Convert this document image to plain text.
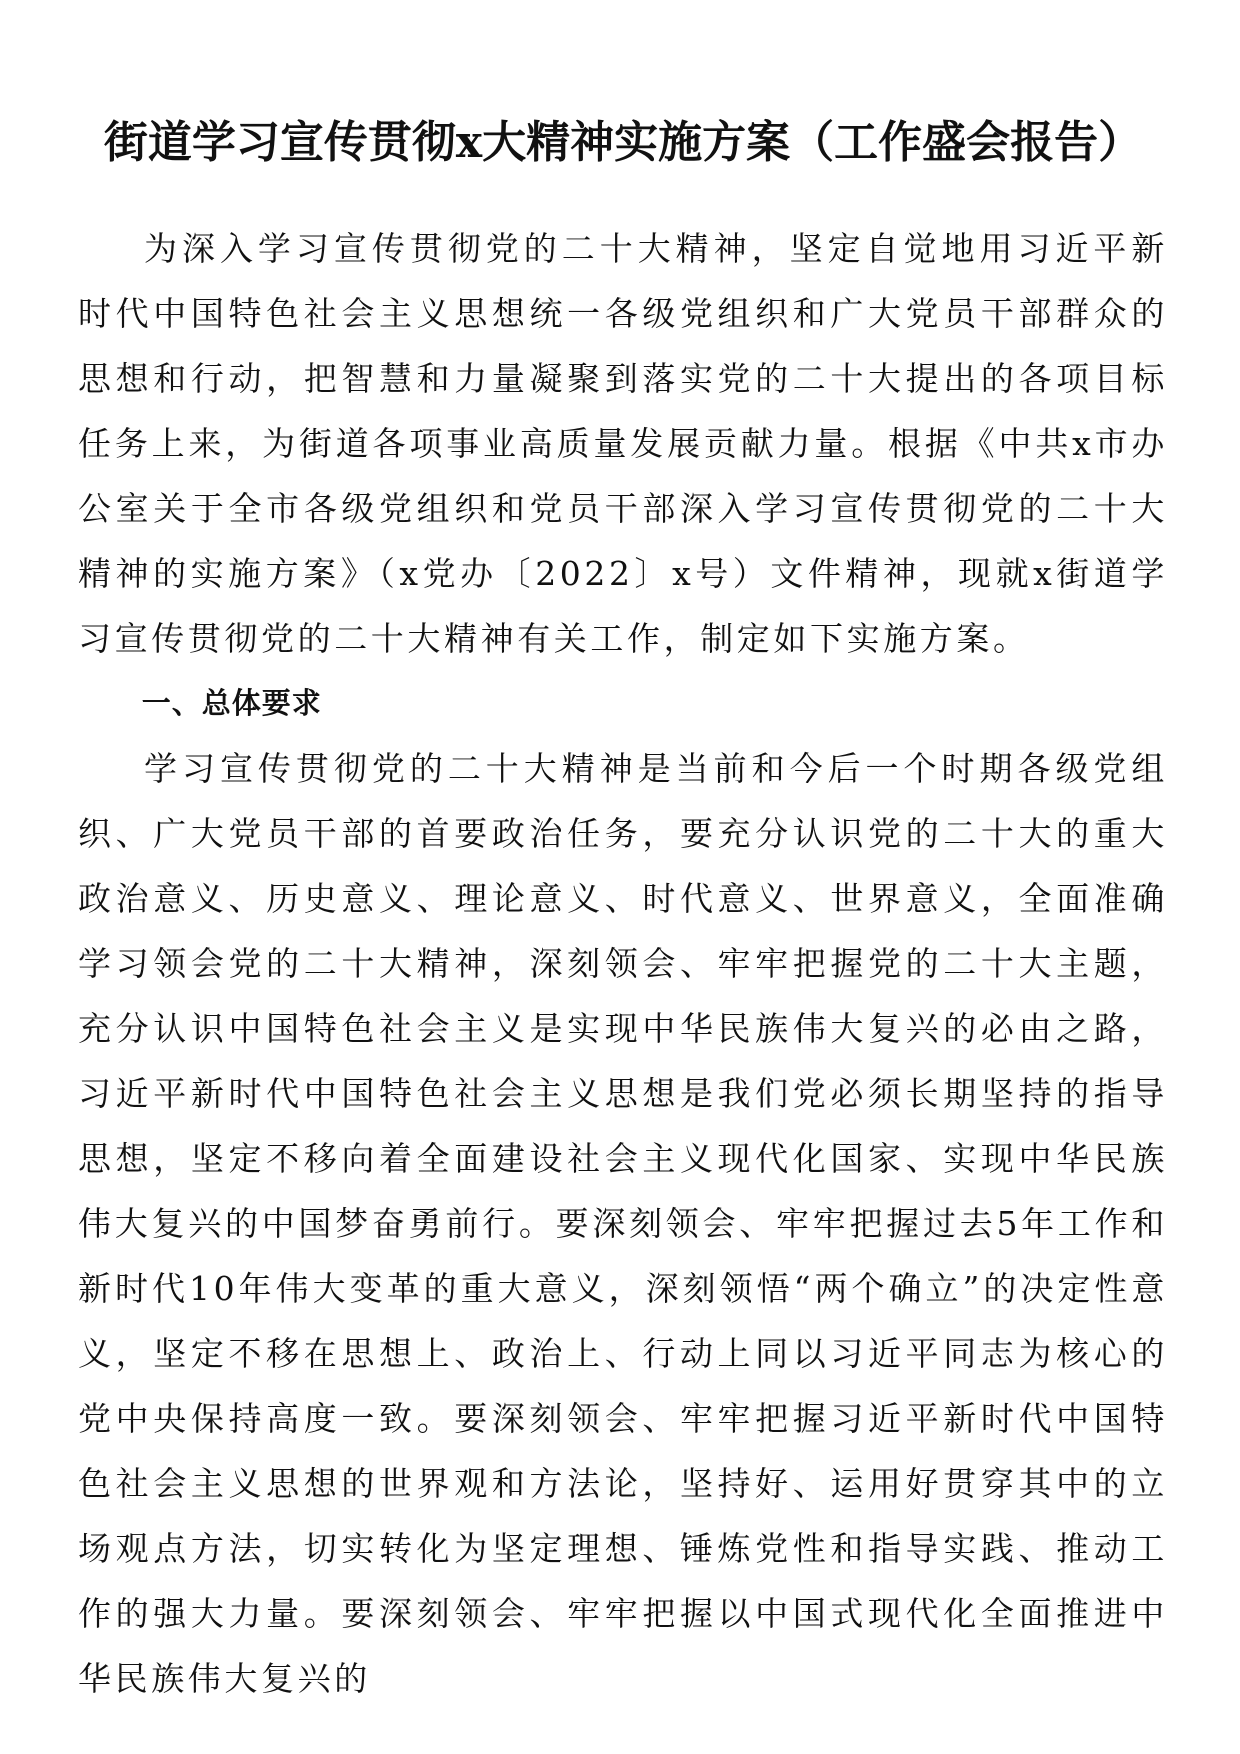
街道学习宣传贯彻x大精神实施方案（工作盛会报告）

为深入学习宣传贯彻党的二十大精神，坚定自觉地用习近平新时代中国特色社会主义思想统一各级党组织和广大党员干部群众的思想和行动，把智慧和力量凝聚到落实党的二十大提出的各项目标任务上来，为街道各项事业高质量发展贡献力量。根据《中共x市办公室关于全市各级党组织和党员干部深入学习宣传贯彻党的二十大精神的实施方案》（x党办〔2022〕x号）文件精神，现就x街道学习宣传贯彻党的二十大精神有关工作，制定如下实施方案。

一、总体要求

学习宣传贯彻党的二十大精神是当前和今后一个时期各级党组织、广大党员干部的首要政治任务，要充分认识党的二十大的重大政治意义、历史意义、理论意义、时代意义、世界意义，全面准确学习领会党的二十大精神，深刻领会、牢牢把握党的二十大主题，充分认识中国特色社会主义是实现中华民族伟大复兴的必由之路，习近平新时代中国特色社会主义思想是我们党必须长期坚持的指导思想，坚定不移向着全面建设社会主义现代化国家、实现中华民族伟大复兴的中国梦奋勇前行。要深刻领会、牢牢把握过去5年工作和新时代10年伟大变革的重大意义，深刻领悟“两个确立”的决定性意义，坚定不移在思想上、政治上、行动上同以习近平同志为核心的党中央保持高度一致。要深刻领会、牢牢把握习近平新时代中国特色社会主义思想的世界观和方法论，坚持好、运用好贯穿其中的立场观点方法，切实转化为坚定理想、锤炼党性和指导实践、推动工作的强大力量。要深刻领会、牢牢把握以中国式现代化全面推进中华民族伟大复兴的
